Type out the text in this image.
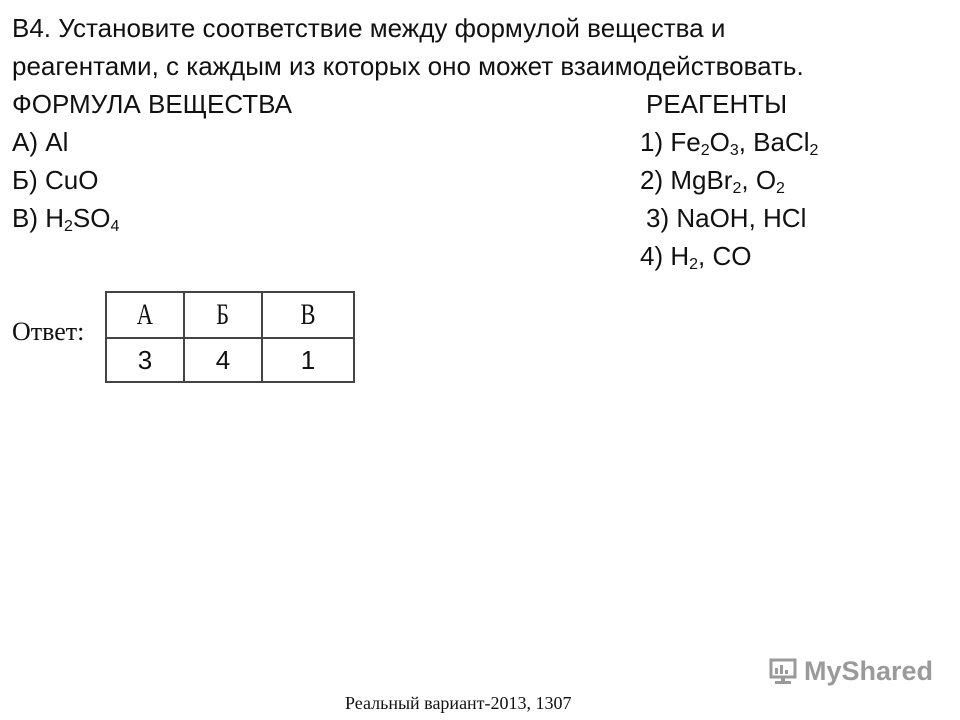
В4. Установите соответствие между формулой вещества и
реагентами, с каждым из которых оно может взаимодействовать.
ФОРМУЛА ВЕЩЕСТВА	РЕАГЕНТЫ
А) Al
Б) CuO
В) $H_2SO_4$
1) $Fe_2O_3$, BaCl$_2$
2) MgBr$_2$, $O_2$
3) NaOH, HCl
4) $H_2$, CO
Ответ:
А	Б	В
3	4	1
MyShared
Реальный вариант-2013, 1307
